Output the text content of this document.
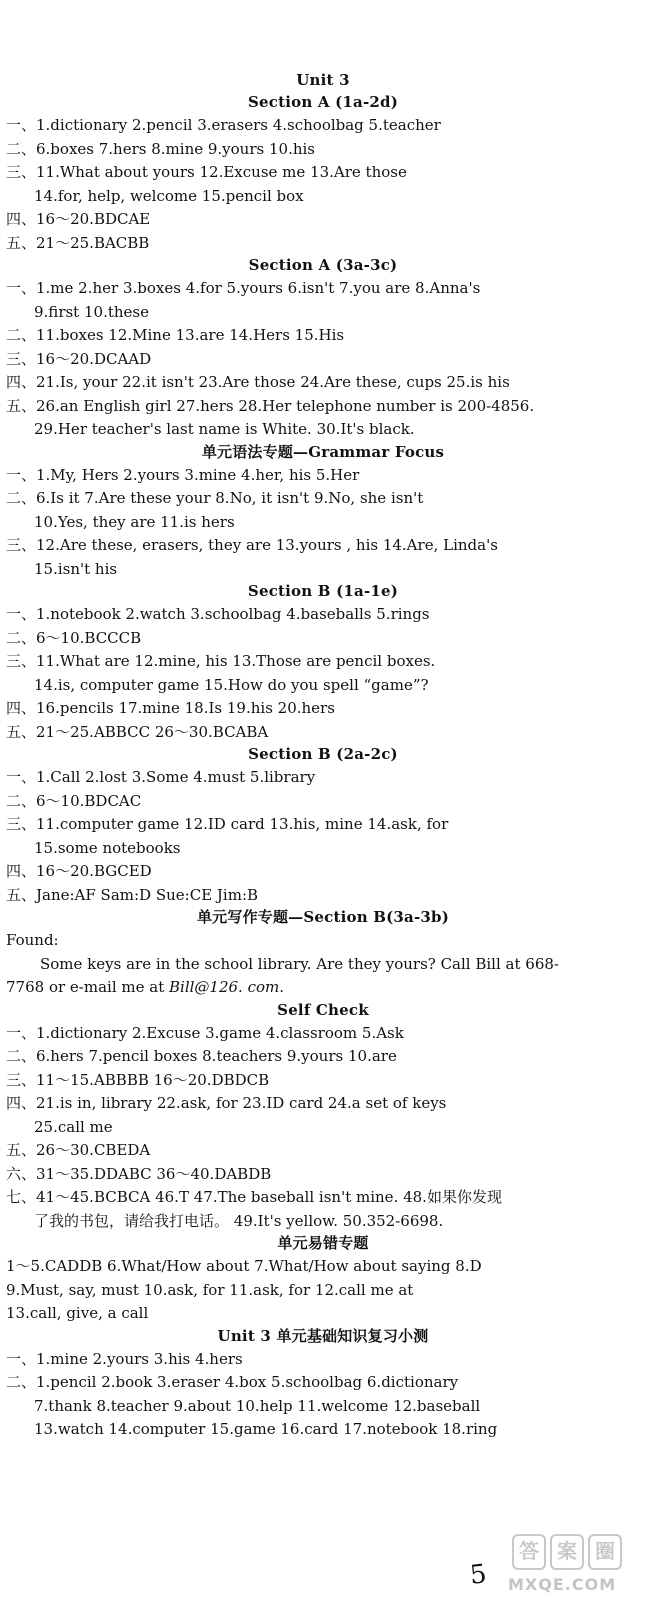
Unit 3
Section A (1a-2d)
一、1.dictionary 2.pencil 3.erasers 4.schoolbag 5.teacher
二、6.boxes 7.hers 8.mine 9.yours 10.his
三、11.What about yours 12.Excuse me 13.Are those
14.for, help, welcome 15.pencil box
四、16～20.BDCAE
五、21～25.BACBB
Section A (3a-3c)
一、1.me 2.her 3.boxes 4.for 5.yours 6.isn't 7.you are 8.Anna's
9.first 10.these
二、11.boxes 12.Mine 13.are 14.Hers 15.His
三、16～20.DCAAD
四、21.Is, your 22.it isn't 23.Are those 24.Are these, cups 25.is his
五、26.an English girl 27.hers 28.Her telephone number is 200-4856.
29.Her teacher's last name is White. 30.It's black.
单元语法专题—Grammar Focus
一、1.My, Hers 2.yours 3.mine 4.her, his 5.Her
二、6.Is it 7.Are these your 8.No, it isn't 9.No, she isn't
10.Yes, they are 11.is hers
三、12.Are these, erasers, they are 13.yours , his 14.Are, Linda's
15.isn't his
Section B (1a-1e)
一、1.notebook 2.watch 3.schoolbag 4.baseballs 5.rings
二、6～10.BCCCB
三、11.What are 12.mine, his 13.Those are pencil boxes.
14.is, computer game 15.How do you spell “game”?
四、16.pencils 17.mine 18.Is 19.his 20.hers
五、21～25.ABBCC 26～30.BCABA
Section B (2a-2c)
一、1.Call 2.lost 3.Some 4.must 5.library
二、6～10.BDCAC
三、11.computer game 12.ID card 13.his, mine 14.ask, for
15.some notebooks
四、16～20.BGCED
五、Jane:AF Sam:D Sue:CE Jim:B
单元写作专题—Section B(3a-3b)
Found:
Some keys are in the school library. Are they yours? Call Bill at 668-
7768 or e-mail me at Bill@126. com.
Self Check
一、1.dictionary 2.Excuse 3.game 4.classroom 5.Ask
二、6.hers 7.pencil boxes 8.teachers 9.yours 10.are
三、11～15.ABBBB 16～20.DBDCB
四、21.is in, library 22.ask, for 23.ID card 24.a set of keys
25.call me
五、26～30.CBEDA
六、31～35.DDABC 36～40.DABDB
七、41～45.BCBCA 46.T 47.The baseball isn't mine. 48.如果你发现
了我的书包，请给我打电话。 49.It's yellow. 50.352-6698.
单元易错专题
1～5.CADDB 6.What/How about 7.What/How about saying 8.D
9.Must, say, must 10.ask, for 11.ask, for 12.call me at
13.call, give, a call
Unit 3 单元基础知识复习小测
一、1.mine 2.yours 3.his 4.hers
二、1.pencil 2.book 3.eraser 4.box 5.schoolbag 6.dictionary
7.thank 8.teacher 9.about 10.help 11.welcome 12.baseball
13.watch 14.computer 15.game 16.card 17.notebook 18.ring
5
答 案 圈
MXQE.COM
